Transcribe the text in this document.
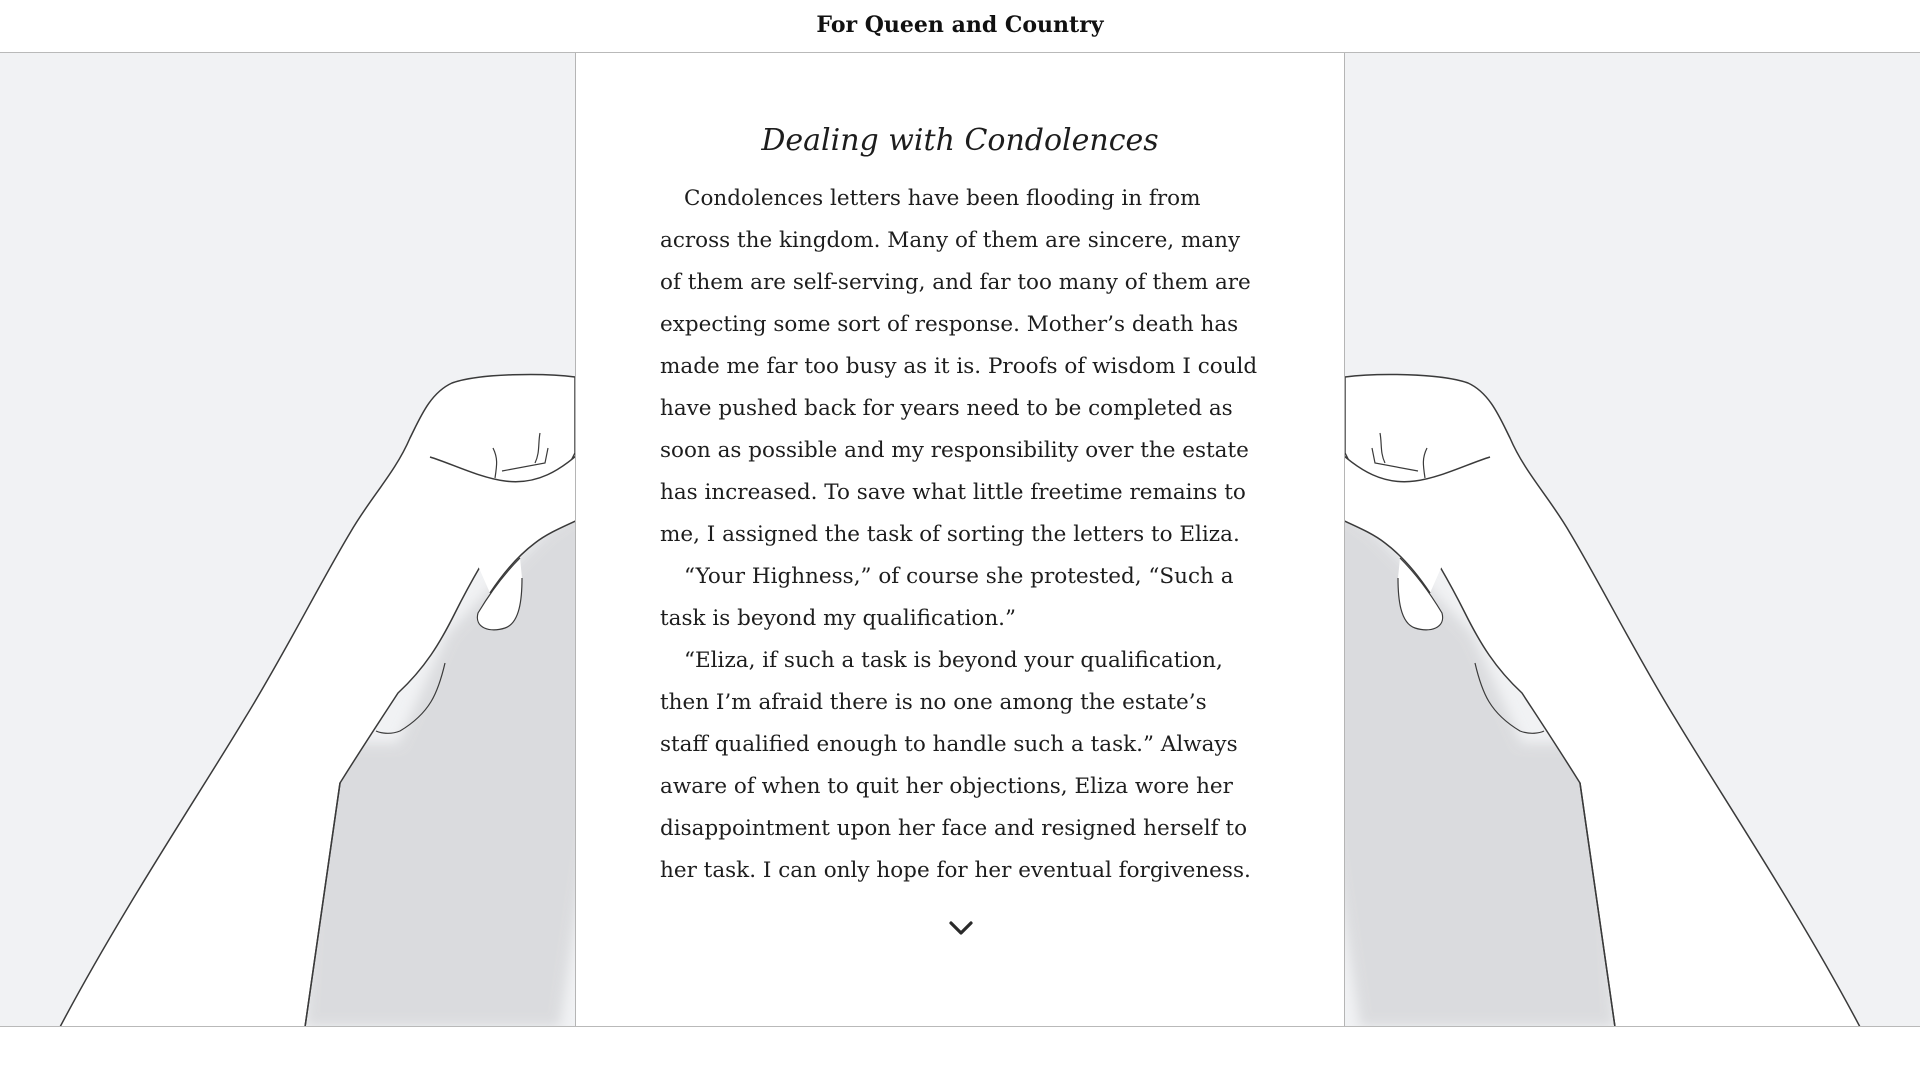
For Queen and Country
Dealing with Condolences

Condolences letters have been flooding in from across the kingdom. Many of them are sincere, many of them are self-serving, and far too many of them are expecting some sort of response. Mother’s death has made me far too busy as it is. Proofs of wisdom I could have pushed back for years need to be completed as soon as possible and my responsibility over the estate has increased. To save what little freetime remains to me, I assigned the task of sorting the letters to Eliza.

“Your Highness,” of course she protested, “Such a task is beyond my qualification.”

“Eliza, if such a task is beyond your qualification, then I’m afraid there is no one among the estate’s staff qualified enough to handle such a task.” Always aware of when to quit her objections, Eliza wore her disappointment upon her face and resigned herself to her task. I can only hope for her eventual forgiveness.
